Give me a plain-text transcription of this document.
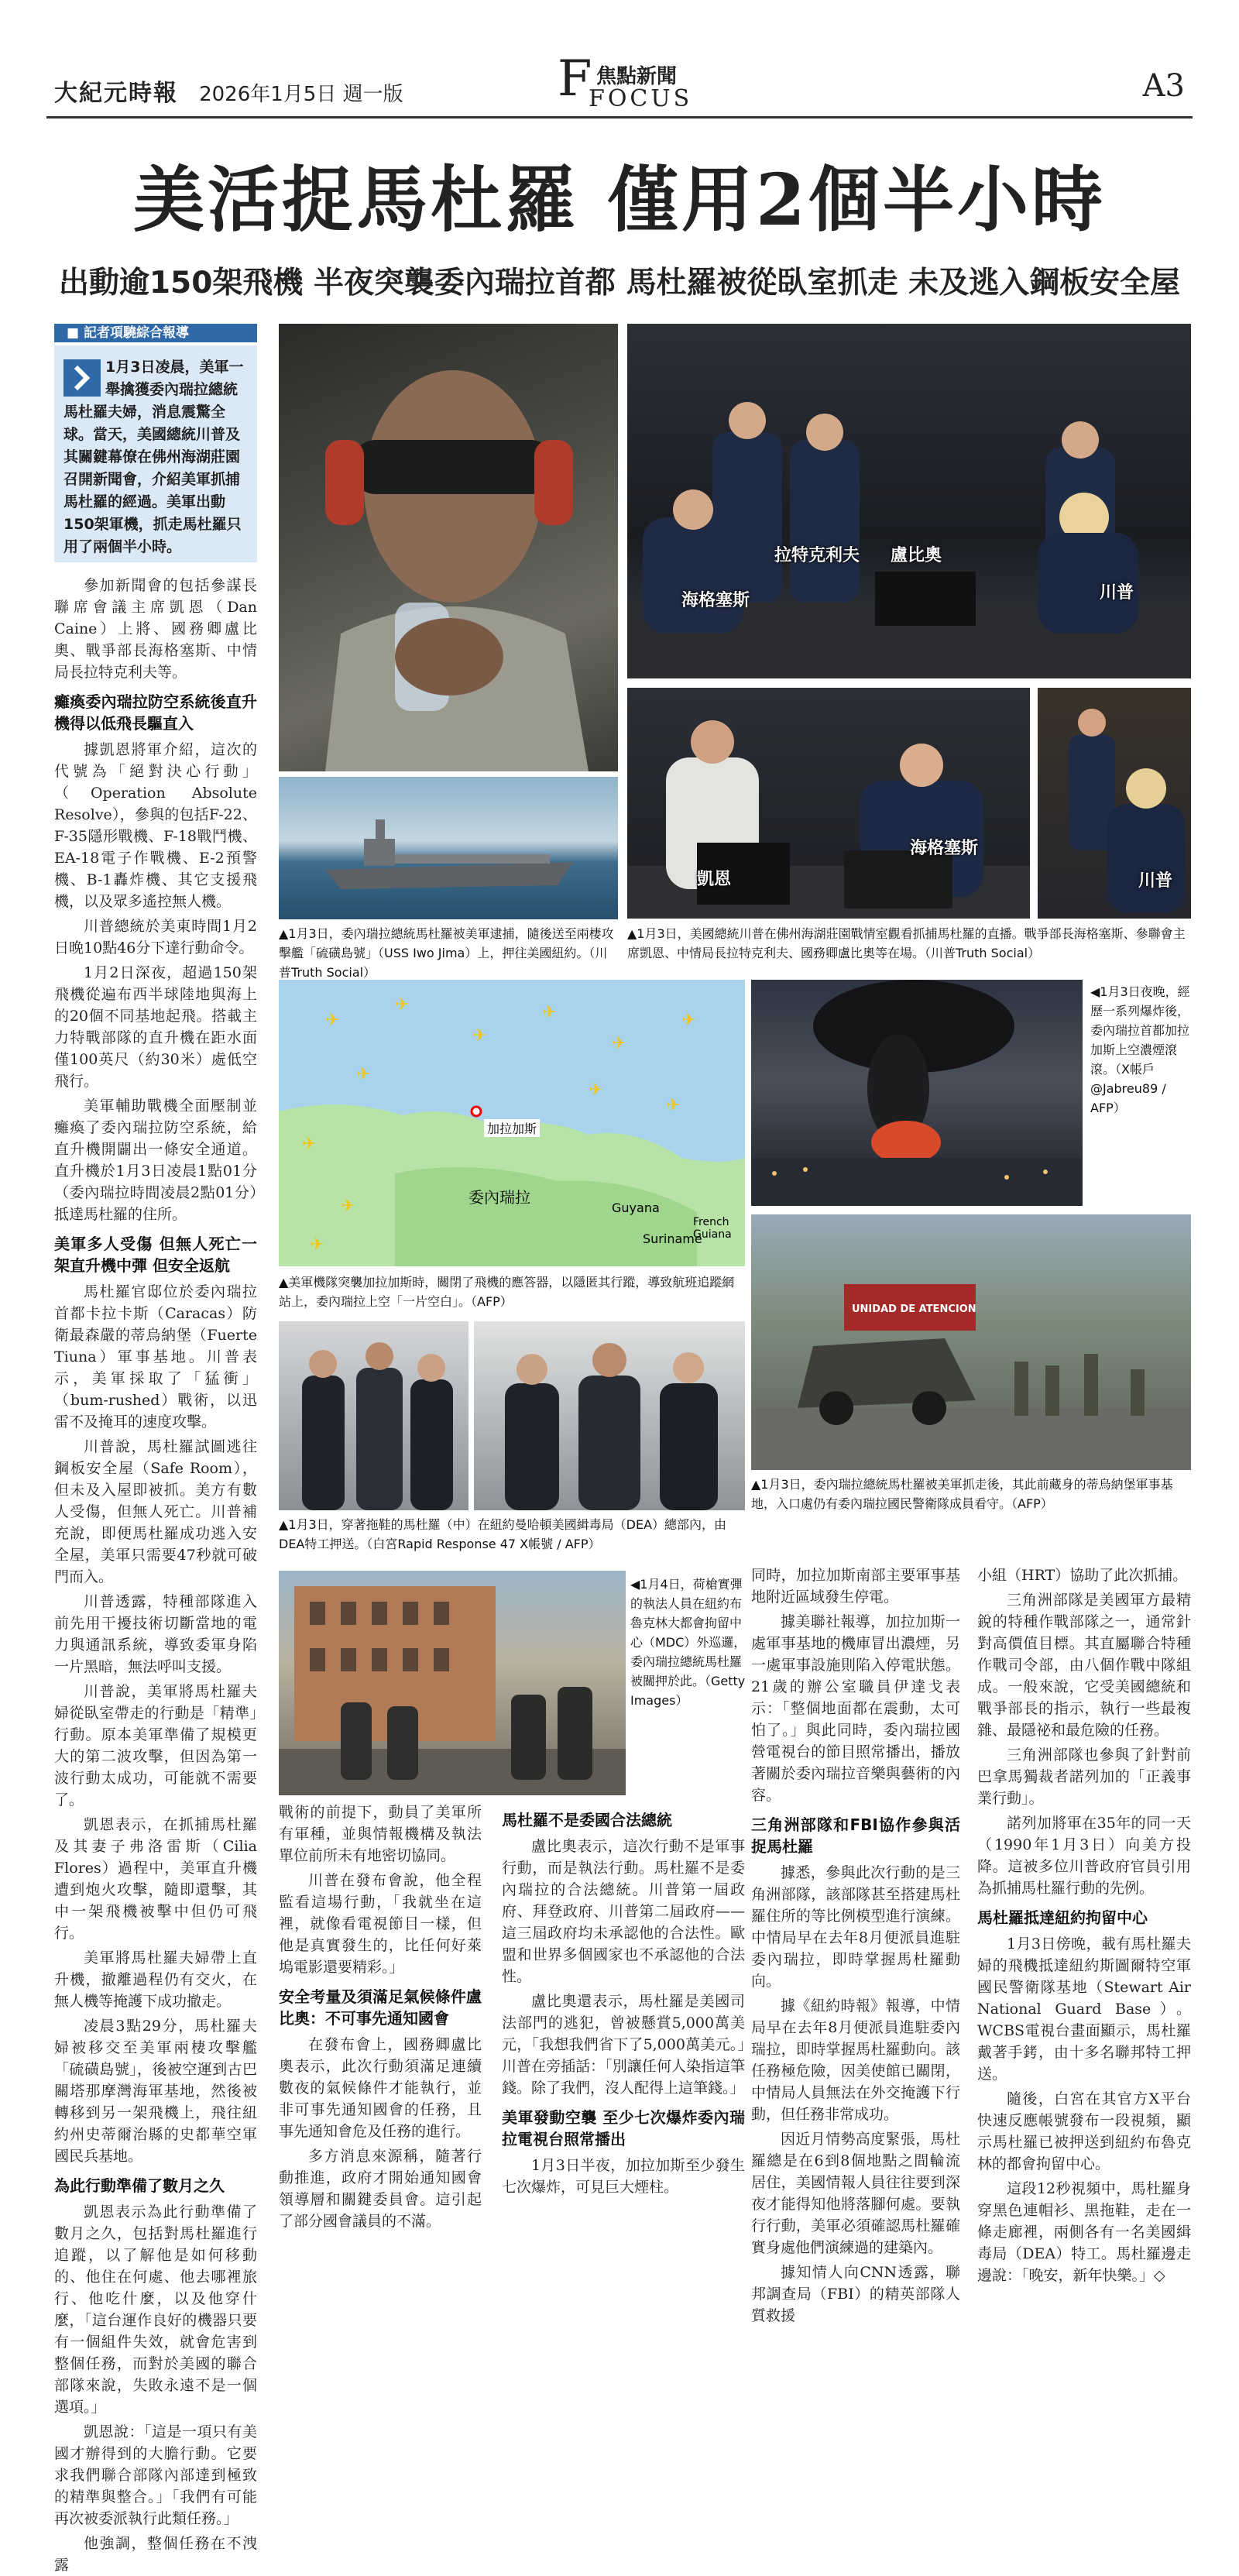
大紀元時報 2026年1月5日 週一版	F 焦點新聞
FOCUS	A3
美活捉馬杜羅 僅用2個半小時
出動逾150架飛機 半夜突襲委內瑞拉首都 馬杜羅被從臥室抓走 未及逃入鋼板安全屋
■ 記者項驍綜合報導
1月3日凌晨，美軍一舉擒獲委內瑞拉總統馬杜羅夫婦，消息震驚全球。當天，美國總統川普及其關鍵幕僚在佛州海湖莊園召開新聞會，介紹美軍抓捕馬杜羅的經過。美軍出動150架軍機，抓走馬杜羅只用了兩個半小時。

參加新聞會的包括參謀長聯席會議主席凱恩（Dan Caine）上將、國務卿盧比奧、戰爭部長海格塞斯、中情局長拉特克利夫等。

癱瘓委內瑞拉防空系統後直升機得以低飛長驅直入

據凱恩將軍介紹，這次的代號為「絕對決心行動」（Operation Absolute Resolve），參與的包括F-22、F-35隱形戰機、F-18戰鬥機、EA-18電子作戰機、E-2預警機、B-1轟炸機、其它支援飛機，以及眾多遙控無人機。

川普總統於美東時間1月2日晚10點46分下達行動命令。

1月2日深夜，超過150架飛機從遍布西半球陸地與海上的20個不同基地起飛。搭載主力特戰部隊的直升機在距水面僅100英尺（約30米）處低空飛行。

美軍輔助戰機全面壓制並癱瘓了委內瑞拉防空系統，給直升機開闢出一條安全通道。直升機於1月3日凌晨1點01分（委內瑞拉時間凌晨2點01分）抵達馬杜羅的住所。

美軍多人受傷 但無人死亡一架直升機中彈 但安全返航

馬杜羅官邸位於委內瑞拉首都卡拉卡斯（Caracas）防衛最森嚴的蒂烏納堡（Fuerte Tiuna）軍事基地。川普表示，美軍採取了「猛衝」（bum-rushed）戰術，以迅雷不及掩耳的速度攻擊。

川普說，馬杜羅試圖逃往鋼板安全屋（Safe Room），但未及入屋即被抓。美方有數人受傷，但無人死亡。川普補充說，即便馬杜羅成功逃入安全屋，美軍只需要47秒就可破門而入。

川普透露，特種部隊進入前先用干擾技術切斷當地的電力與通訊系統，導致委軍身陷一片黑暗，無法呼叫支援。

川普說，美軍將馬杜羅夫婦從臥室帶走的行動是「精準」行動。原本美軍準備了規模更大的第二波攻擊，但因為第一波行動太成功，可能就不需要了。

凱恩表示，在抓捕馬杜羅及其妻子弗洛雷斯（Cilia Flores）過程中，美軍直升機遭到炮火攻擊，隨即還擊，其中一架飛機被擊中但仍可飛行。

美軍將馬杜羅夫婦帶上直升機，撤離過程仍有交火，在無人機等掩護下成功撤走。

凌晨3點29分，馬杜羅夫婦被移交至美軍兩棲攻擊艦「硫磺島號」，後被空運到古巴關塔那摩灣海軍基地，然後被轉移到另一架飛機上，飛往紐約州史蒂爾治縣的史都華空軍國民兵基地。

為此行動準備了數月之久

凱恩表示為此行動準備了數月之久，包括對馬杜羅進行追蹤，以了解他是如何移動的、他住在何處、他去哪裡旅行、他吃什麼，以及他穿什麼，「這台運作良好的機器只要有一個組件失效，就會危害到整個任務，而對於美國的聯合部隊來說，失敗永遠不是一個選項。」

凱恩說：「這是一項只有美國才辦得到的大膽行動。它要求我們聯合部隊內部達到極致的精準與整合。」「我們有可能再次被委派執行此類任務。」

他強調，整個任務在不洩露

拉特克利夫 盧比奧
海格塞斯	川普
凱恩
海格塞斯
川普
▲1月3日，委內瑞拉總統馬杜羅被美軍逮捕，隨後送至兩棲攻擊艦「硫磺島號」（USS Iwo Jima）上，押往美國紐約。（川普Truth Social）
▲1月3日，美國總統川普在佛州海湖莊園戰情室觀看抓捕馬杜羅的直播。戰爭部長海格塞斯、參聯會主席凱恩、中情局長拉特克利夫、國務卿盧比奧等在場。（川普Truth Social）
✈
✈
✈
✈
✈
✈
✈
✈
✈
✈
✈
✈
加拉加斯
委內瑞拉
Guyana
Suriname
French Guiana
▲美軍機隊突襲加拉加斯時，關閉了飛機的應答器，以隱匿其行蹤，導致航班追蹤網站上，委內瑞拉上空「一片空白」。（AFP）
◀1月3日夜晚，經歷一系列爆炸後，委內瑞拉首都加拉加斯上空濃煙滾滾。（X帳戶 @Jabreu89 / AFP）
UNIDAD DE ATENCION
▲1月3日，委內瑞拉總統馬杜羅被美軍抓走後，其此前藏身的蒂烏納堡軍事基地，入口處仍有委內瑞拉國民警衛隊成員看守。（AFP）
▲1月3日，穿著拖鞋的馬杜羅（中）在紐約曼哈頓美國緝毒局（DEA）總部內，由DEA特工押送。（白宮Rapid Response 47 X帳號 / AFP）
◀1月4日，荷槍實彈的執法人員在紐約布魯克林大都會拘留中心（MDC）外巡邏，委內瑞拉總統馬杜羅被關押於此。（Getty Images）

戰術的前提下，動員了美軍所有軍種，並與情報機構及執法單位前所未有地密切協同。

川普在發布會說，他全程監看這場行動，「我就坐在這裡，就像看電視節目一樣，但他是真實發生的，比任何好萊塢電影還要精彩。」

安全考量及須滿足氣候條件盧比奧：不可事先通知國會

在發布會上，國務卿盧比奧表示，此次行動須滿足連續數夜的氣候條件才能執行，並非可事先通知國會的任務，且事先通知會危及任務的進行。

多方消息來源稱，隨著行動推進，政府才開始通知國會領導層和關鍵委員會。這引起了部分國會議員的不滿。

馬杜羅不是委國合法總統

盧比奧表示，這次行動不是軍事行動，而是執法行動。馬杜羅不是委內瑞拉的合法總統。川普第一屆政府、拜登政府、川普第二屆政府——這三屆政府均未承認他的合法性。歐盟和世界多個國家也不承認他的合法性。

盧比奧還表示，馬杜羅是美國司法部門的逃犯，曾被懸賞5,000萬美元，「我想我們省下了5,000萬美元。」川普在旁插話：「別讓任何人染指這筆錢。除了我們，沒人配得上這筆錢。」

美軍發動空襲 至少七次爆炸委內瑞拉電視台照常播出

1月3日半夜，加拉加斯至少發生七次爆炸，可見巨大煙柱。

同時，加拉加斯南部主要軍事基地附近區域發生停電。

據美聯社報導，加拉加斯一處軍事基地的機庫冒出濃煙，另一處軍事設施則陷入停電狀態。21歲的辦公室職員伊達戈表示：「整個地面都在震動，太可怕了。」與此同時，委內瑞拉國營電視台的節目照常播出，播放著關於委內瑞拉音樂與藝術的內容。

三角洲部隊和FBI協作參與活捉馬杜羅

據悉，參與此次行動的是三角洲部隊，該部隊甚至搭建馬杜羅住所的等比例模型進行演練。中情局早在去年8月便派員進駐委內瑞拉，即時掌握馬杜羅動向。

據《紐約時報》報導，中情局早在去年8月便派員進駐委內瑞拉，即時掌握馬杜羅動向。該任務極危險，因美使館已關閉，中情局人員無法在外交掩護下行動，但任務非常成功。

因近月情勢高度緊張，馬杜羅總是在6到8個地點之間輪流居住，美國情報人員往往要到深夜才能得知他將落腳何處。要執行行動，美軍必須確認馬杜羅確實身處他們演練過的建築內。

據知情人向CNN透露，聯邦調查局（FBI）的精英部隊人質救援

小組（HRT）協助了此次抓捕。

三角洲部隊是美國軍方最精銳的特種作戰部隊之一，通常針對高價值目標。其直屬聯合特種作戰司令部，由八個作戰中隊組成。一般來說，它受美國總統和戰爭部長的指示，執行一些最複雜、最隱祕和最危險的任務。

三角洲部隊也參與了針對前巴拿馬獨裁者諾列加的「正義事業行動」。

諾列加將軍在35年的同一天（1990年1月3日）向美方投降。這被多位川普政府官員引用為抓捕馬杜羅行動的先例。

馬杜羅抵達紐約拘留中心

1月3日傍晚，載有馬杜羅夫婦的飛機抵達紐約斯圖爾特空軍國民警衛隊基地（Stewart Air National Guard Base）。WCBS電視台畫面顯示，馬杜羅戴著手銬，由十多名聯邦特工押送。

隨後，白宮在其官方X平台快速反應帳號發布一段視頻，顯示馬杜羅已被押送到紐約布魯克林的都會拘留中心。

這段12秒視頻中，馬杜羅身穿黑色連帽衫、黑拖鞋，走在一條走廊裡，兩側各有一名美國緝毒局（DEA）特工。馬杜羅邊走邊說：「晚安，新年快樂。」◇
